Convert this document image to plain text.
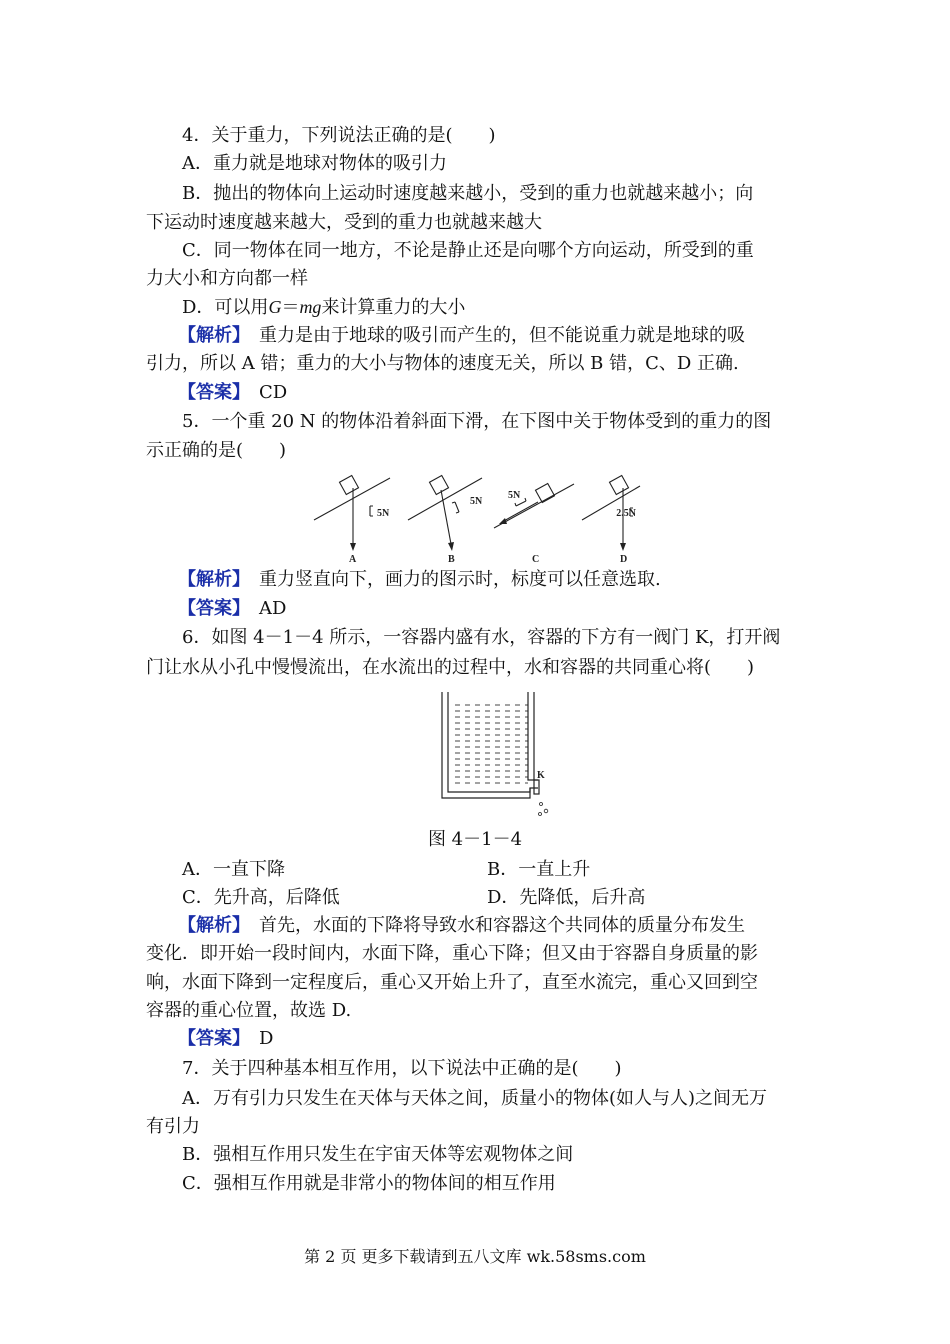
4．关于重力，下列说法正确的是(　　)
A．重力就是地球对物体的吸引力
B．抛出的物体向上运动时速度越来越小，受到的重力也就越来越小；向
下运动时速度越来越大，受到的重力也就越来越大
C．同一物体在同一地方，不论是静止还是向哪个方向运动，所受到的重
力大小和方向都一样
D．可以用G＝mg来计算重力的大小
【解析】　重力是由于地球的吸引而产生的，但不能说重力就是地球的吸
引力，所以 A 错；重力的大小与物体的速度无关，所以 B 错，C、D 正确.
【答案】　CD
5．一个重 20 N 的物体沿着斜面下滑，在下图中关于物体受到的重力的图
示正确的是(　　)
5N
A
5N
B
5N
C
2.5N
D
【解析】　重力竖直向下，画力的图示时，标度可以任意选取.
【答案】　AD
6．如图 4－1－4 所示，一容器内盛有水，容器的下方有一阀门 K，打开阀
门让水从小孔中慢慢流出，在水流出的过程中，水和容器的共同重心将(　　)
K
图 4－1－4
A．一直下降	B．一直上升
C．先升高，后降低	D．先降低，后升高
【解析】　首先，水面的下降将导致水和容器这个共同体的质量分布发生
变化．即开始一段时间内，水面下降，重心下降；但又由于容器自身质量的影
响，水面下降到一定程度后，重心又开始上升了，直至水流完，重心又回到空
容器的重心位置，故选 D.
【答案】　D
7．关于四种基本相互作用，以下说法中正确的是(　　)
A．万有引力只发生在天体与天体之间，质量小的物体(如人与人)之间无万
有引力
B．强相互作用只发生在宇宙天体等宏观物体之间
C．强相互作用就是非常小的物体间的相互作用
第 2 页 更多下载请到五八文库 wk.58sms.com
